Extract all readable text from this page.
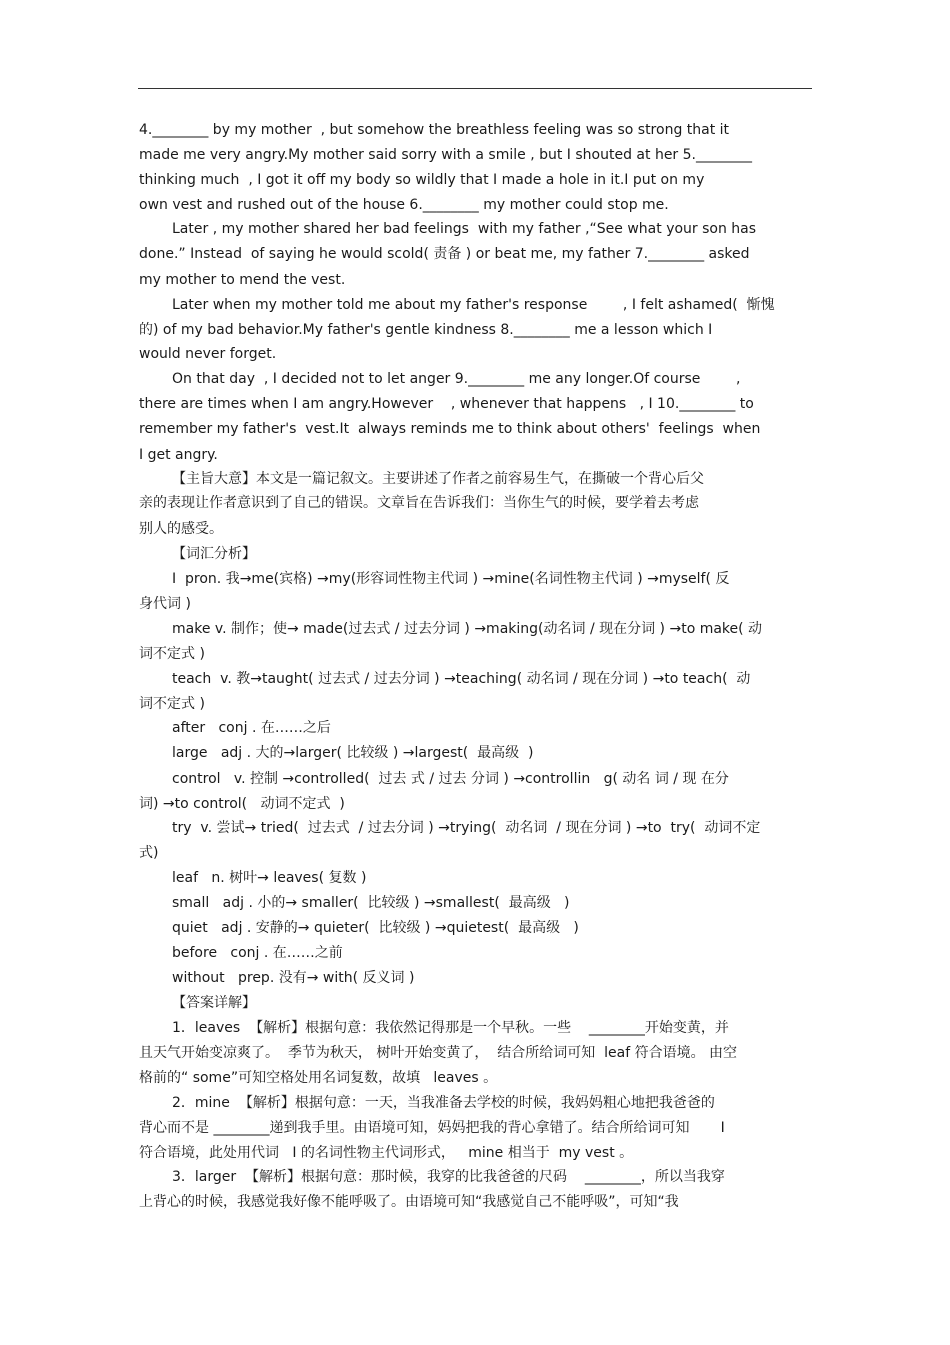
4.________ by my mother  , but somehow the breathless feeling was so strong that it
made me very angry.My mother said sorry with a smile , but I shouted at her 5.________
thinking much  , I got it off my body so wildly that I made a hole in it.I put on my
own vest and rushed out of the house 6.________ my mother could stop me.
Later , my mother shared her bad feelings  with my father ,“See what your son has
done.” Instead  of saying he would scold( 责备 ) or beat me, my father 7.________ asked
my mother to mend the vest.
Later when my mother told me about my father's response        , I felt ashamed(  惭愧
的) of my bad behavior.My father's gentle kindness 8.________ me a lesson which I
would never forget.
On that day  , I decided not to let anger 9.________ me any longer.Of course        ,
there are times when I am angry.However    , whenever that happens   , I 10.________ to
remember my father's  vest.It  always reminds me to think about others'  feelings  when
I get angry.
【主旨大意】本文是一篇记叙文。主要讲述了作者之前容易生气，在撕破一个背心后父
亲的表现让作者意识到了自己的错误。文章旨在告诉我们：当你生气的时候，要学着去考虑
别人的感受。
【词汇分析】
I  pron. 我→me(宾格) →my(形容词性物主代词 ) →mine(名词性物主代词 ) →myself( 反
身代词 )
make v. 制作；使→ made(过去式 / 过去分词 ) →making(动名词 / 现在分词 ) →to make( 动
词不定式 )
teach  v. 教→taught( 过去式 / 过去分词 ) →teaching( 动名词 / 现在分词 ) →to teach(  动
词不定式 )
after   conj . 在……之后
large   adj . 大的→larger( 比较级 ) →largest(  最高级  )
control   v. 控制 →controlled(  过去 式 / 过去 分词 ) →controllin   g( 动名 词 / 现 在分
词) →to control(   动词不定式  )
try  v. 尝试→ tried(  过去式  / 过去分词 ) →trying(  动名词  / 现在分词 ) →to  try(  动词不定
式)
leaf   n. 树叶→ leaves( 复数 )
small   adj . 小的→ smaller(  比较级 ) →smallest(  最高级   )
quiet   adj . 安静的→ quieter(  比较级 ) →quietest(  最高级   )
before   conj . 在……之前
without   prep. 没有→ with( 反义词 )
【答案详解】
1．leaves  【解析】根据句意：我依然记得那是一个早秋。一些    ________开始变黄，并
且天气开始变凉爽了。  季节为秋天， 树叶开始变黄了，  结合所给词可知  leaf 符合语境。 由空
格前的“ some”可知空格处用名词复数，故填   leaves 。
2．mine  【解析】根据句意：一天，当我准备去学校的时候，我妈妈粗心地把我爸爸的
背心而不是 ________递到我手里。由语境可知，妈妈把我的背心拿错了。结合所给词可知       I
符合语境，此处用代词   I 的名词性物主代词形式，   mine 相当于  my vest 。
3．larger  【解析】根据句意：那时候，我穿的比我爸爸的尺码    ________，所以当我穿
上背心的时候，我感觉我好像不能呼吸了。由语境可知“我感觉自己不能呼吸”，可知“我
